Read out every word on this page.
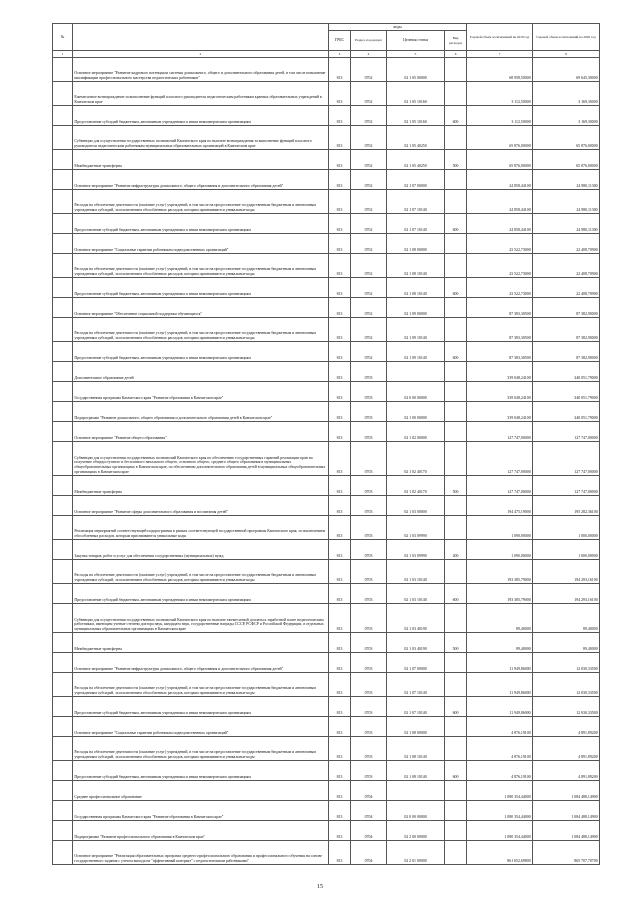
№		коды				Годовой объем ассигнований на 2019 год	Годовой объем ассигнований на 2020 год
		ГРБС	Раздел, под-раздел	Целевая статья	Вид расходов		
1	2	3	4	5	6	7	8
	Основное мероприятие "Развитие кадрового потенциала системы дошкольного, общего и дополнительного образования детей, в том числе повышение квалификации профессионального мастерства педагогических работников"	813	0702	02 1 05 00000		68 958,50000	69 645,30000
	Ежемесячное вознаграждение за выполнение функций классного руководителя педагогическим работникам краевых образовательных учреждений в Камчатском крае	813	0702	02 1 05 10160		3 112,50000	3 169,30000
	Предоставление субсидий бюджетным, автономным учреждениям и иным некоммерческим организациям	813	0702	02 1 05 10160	600	3 112,50000	3 169,30000
	Субвенции для осуществления государственных полномочий Камчатского края по выплате вознаграждения за выполнение функций классного руководителя педагогическим работникам муниципальных образовательных организаций в Камчатском крае	813	0702	02 1 05 40250		65 876,00000	65 876,00000
	Межбюджетные трансферты	813	0702	02 1 05 40250	500	65 876,00000	65 876,00000
	Основное мероприятие "Развитие инфраструктуры дошкольного, общего образования и дополнительного образования детей"	813	0702	02 1 07 00000		24 858,44100	24 980,11300
	Расходы на обеспечение деятельности (оказание услуг) учреждений, в том числе на предоставление государственным бюджетным и автономным учреждениям субсидий, за исключением обособленных расходов, которым присваиваются уникальные коды	813	0702	02 1 07 10140		24 858,44100	24 980,11300
	Предоставление субсидий бюджетным, автономным учреждениям и иным некоммерческим организациям	813	0702	02 1 07 10140	600	24 858,44100	24 980,11300
	Основное мероприятие "Социальные гарантии работникам подведомственных организаций"	813	0702	02 1 08 00000		23 522,73000	22 408,70900
	Расходы на обеспечение деятельности (оказание услуг) учреждений, в том числе на предоставление государственным бюджетным и автономным учреждениям субсидий, за исключением обособленных расходов, которым присваиваются уникальные коды	813	0702	02 1 08 10140		23 522,73000	22 408,70900
	Предоставление субсидий бюджетным, автономным учреждениям и иным некоммерческим организациям	813	0702	02 1 08 10140	600	23 522,73000	22 408,70900
	Основное мероприятие "Обеспечение социальной поддержки обучающихся"	813	0702	02 1 09 00000		87 383,30500	87 382,90000
	Расходы на обеспечение деятельности (оказание услуг) учреждений, в том числе на предоставление государственным бюджетным и автономным учреждениям субсидий, за исключением обособленных расходов, которым присваиваются уникальные коды	813	0702	02 1 09 10140		87 383,30500	87 382,90000
	Предоставление субсидий бюджетным, автономным учреждениям и иным некоммерческим организациям	813	0702	02 1 09 10140	600	87 383,30500	87 382,90000
	Дополнительное образование детей	813	0703			339 048,24100	340 051,79000
	Государственная программа Камчатского края "Развитие образования в Камчатском крае"	813	0703	02 0 00 00000		339 048,24100	340 051,79000
	Подпрограмма "Развитие дошкольного, общего образования и дополнительного образования детей в Камчатском крае"	813	0703	02 1 00 00000		339 048,24100	340 051,79000
	Основное мероприятие "Развитие общего образования"	813	0703	02 1 02 00000		127 747,00000	127 747,00000
	Субвенции для осуществления государственных полномочий Камчатского края по обеспечению государственных гарантий реализации прав на получение общедоступного и бесплатного начального общего, основного общего, среднего общего образования в муниципальных общеобразовательных организациях в Камчатском крае, по обеспечению дополнительного образования детей в муниципальных общеобразовательных организациях в Камчатском крае	813	0703	02 1 02 40170		127 747,00000	127 747,00000
	Межбюджетные трансферты	813	0703	02 1 02 40170	500	127 747,00000	127 747,00000
	Основное мероприятие "Развитие сферы дополнительного образования и воспитания детей"	813	0703	02 1 03 00000		194 475,19000	195 282,36100
	Реализация мероприятий соответствующей подпрограммы в рамках соответствующей государственной программы Камчатского края, за исключением обособленных расходов, которым присваиваются уникальные коды	813	0703	02 1 03 09990		1 090,00000	1 000,00000
	Закупка товаров, работ и услуг для обеспечения государственных (муниципальных) нужд	813	0703	02 1 03 09990	200	1 090,00000	1 000,00000
	Расходы на обеспечение деятельности (оказание услуг) учреждений, в том числе на предоставление государственным бюджетным и автономным учреждениям субсидий, за исключением обособленных расходов, которым присваиваются уникальные коды	813	0703	02 1 03 10140		193 385,79000	194 293,16100
	Предоставление субсидий бюджетным, автономным учреждениям и иным некоммерческим организациям	813	0703	02 1 03 10140	600	193 385,79000	194 293,16100
	Субвенции для осуществления государственных полномочий Камчатского края по выплате ежемесячной доплаты к заработной плате педагогическим работникам, имеющим ученые степени доктора наук, кандидата наук, государственные награды СССР, РСФСР и Российской Федерации, в отдельных муниципальных образовательных организациях в Камчатском крае	813	0703	02 1 03 40190		89,40000	89,40000
	Межбюджетные трансферты	813	0703	02 1 03 40190	500	89,40000	89,40000
	Основное мероприятие "Развитие инфраструктуры дошкольного, общего образования и дополнительного образования детей"	813	0703	02 1 07 00000		11 949,86000	12 030,33500
	Расходы на обеспечение деятельности (оказание услуг) учреждений, в том числе на предоставление государственным бюджетным и автономным учреждениям субсидий, за исключением обособленных расходов, которым присваиваются уникальные коды	813	0703	02 1 07 10140		11 949,86000	12 030,33500
	Предоставление субсидий бюджетным, автономным учреждениям и иным некоммерческим организациям	813	0703	02 1 07 10140	600	11 949,86000	12 030,33500
	Основное мероприятие "Социальные гарантии работникам подведомственных организаций"	813	0703	02 1 08 00000		4 876,19100	4 891,89200
	Расходы на обеспечение деятельности (оказание услуг) учреждений, в том числе на предоставление государственным бюджетным и автономным учреждениям субсидий, за исключением обособленных расходов, которым присваиваются уникальные коды	813	0703	02 1 08 10140		4 876,19100	4 891,89200
	Предоставление субсидий бюджетным, автономным учреждениям и иным некоммерческим организациям	813	0703	02 1 08 10140	600	4 876,19100	4 891,89200
	Среднее профессиональное образование	813	0704			1 080 354,44000	1 084 488,14900
	Государственная программа Камчатского края "Развитие образования в Камчатском крае"	813	0704	02 0 00 00000		1 080 354,44000	1 084 488,14900
	Подпрограмма "Развитие профессионального образования в Камчатском крае"	813	0704	02 2 00 00000		1 080 354,44000	1 084 488,14900
	Основное мероприятие "Реализация образовательных программ среднего профессионального образования и профессионального обучения на основе государственного задания с учетом выхода на "эффективный контракт" с педагогическими работниками"	813	0704	02 2 01 00000		861 652,69800	865 707,70700
15
